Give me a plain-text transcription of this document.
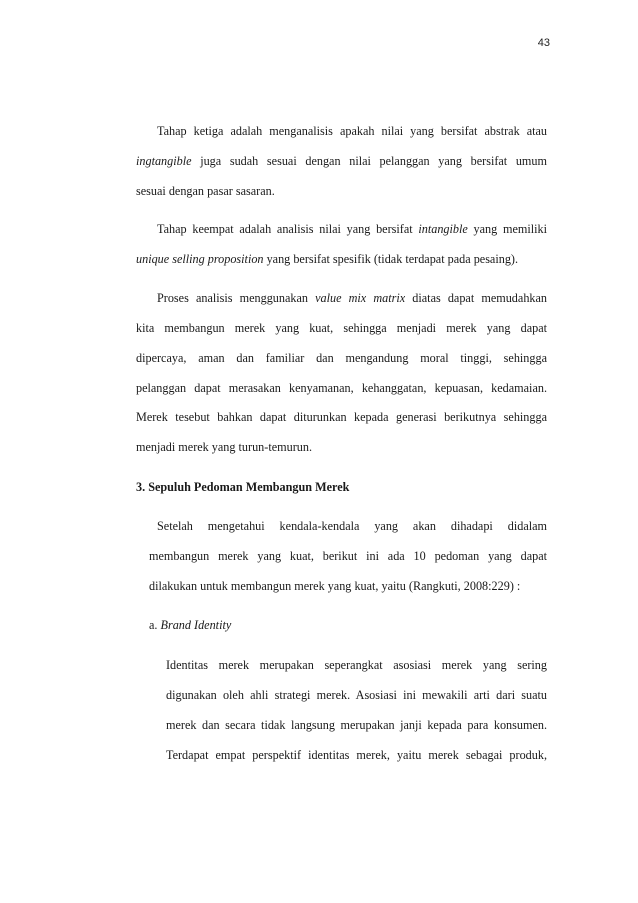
43
Tahap ketiga adalah menganalisis apakah nilai yang bersifat abstrak atau
ingtangible juga sudah sesuai dengan nilai pelanggan yang bersifat umum
sesuai dengan pasar sasaran.
Tahap keempat adalah analisis nilai yang bersifat intangible yang memiliki
unique selling proposition yang bersifat spesifik (tidak terdapat pada pesaing).
Proses analisis menggunakan value mix matrix diatas dapat memudahkan
kita membangun merek yang kuat, sehingga menjadi merek yang dapat
dipercaya, aman dan familiar dan mengandung moral tinggi, sehingga
pelanggan dapat merasakan kenyamanan, kehanggatan, kepuasan, kedamaian.
Merek tesebut bahkan dapat diturunkan kepada generasi berikutnya sehingga
menjadi merek yang turun-temurun.
3. Sepuluh Pedoman Membangun Merek
Setelah mengetahui kendala-kendala yang akan dihadapi didalam
membangun merek yang kuat, berikut ini ada 10 pedoman yang dapat
dilakukan untuk membangun merek yang kuat, yaitu (Rangkuti, 2008:229) :
a. Brand Identity
Identitas merek merupakan seperangkat asosiasi merek yang sering
digunakan oleh ahli strategi merek. Asosiasi ini mewakili arti dari suatu
merek dan secara tidak langsung merupakan janji kepada para konsumen.
Terdapat empat perspektif identitas merek, yaitu merek sebagai produk,
